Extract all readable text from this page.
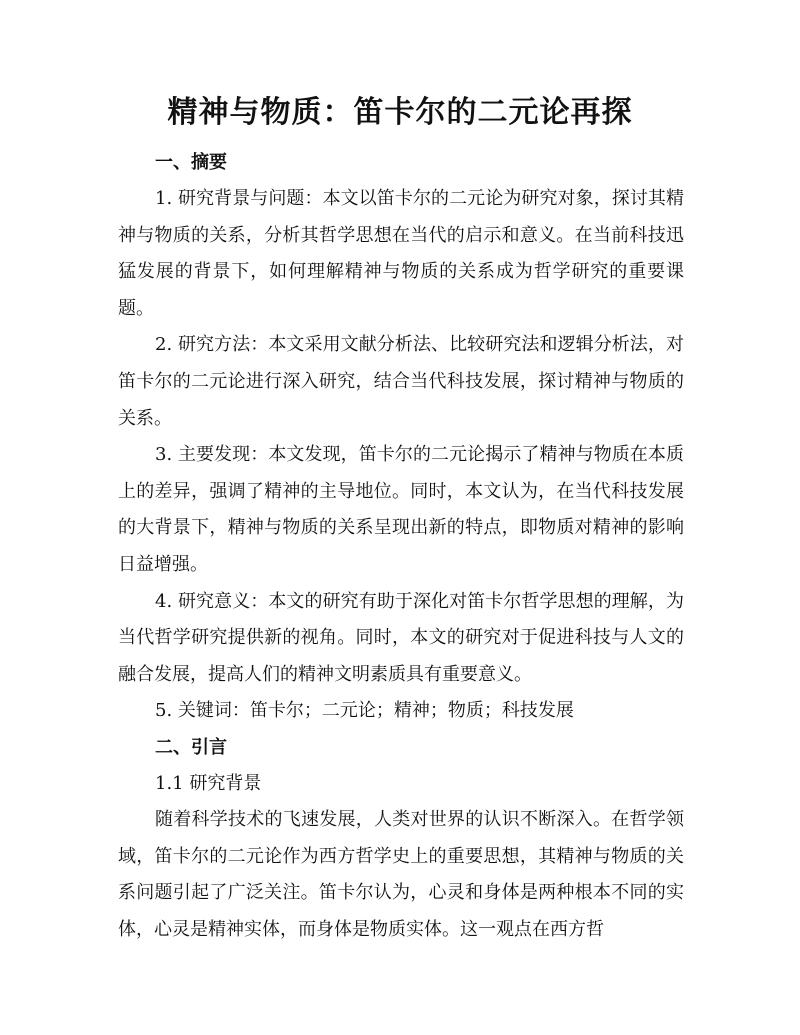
精神与物质：笛卡尔的二元论再探

一、摘要

1. 研究背景与问题：本文以笛卡尔的二元论为研究对象，探讨其精神与物质的关系，分析其哲学思想在当代的启示和意义。在当前科技迅猛发展的背景下，如何理解精神与物质的关系成为哲学研究的重要课题。

2. 研究方法：本文采用文献分析法、比较研究法和逻辑分析法，对笛卡尔的二元论进行深入研究，结合当代科技发展，探讨精神与物质的关系。

3. 主要发现：本文发现，笛卡尔的二元论揭示了精神与物质在本质上的差异，强调了精神的主导地位。同时，本文认为，在当代科技发展的大背景下，精神与物质的关系呈现出新的特点，即物质对精神的影响日益增强。

4. 研究意义：本文的研究有助于深化对笛卡尔哲学思想的理解，为当代哲学研究提供新的视角。同时，本文的研究对于促进科技与人文的融合发展，提高人们的精神文明素质具有重要意义。

5. 关键词：笛卡尔；二元论；精神；物质；科技发展

二、引言

1.1 研究背景

随着科学技术的飞速发展，人类对世界的认识不断深入。在哲学领域，笛卡尔的二元论作为西方哲学史上的重要思想，其精神与物质的关系问题引起了广泛关注。笛卡尔认为，心灵和身体是两种根本不同的实体，心灵是精神实体，而身体是物质实体。这一观点在西方哲
